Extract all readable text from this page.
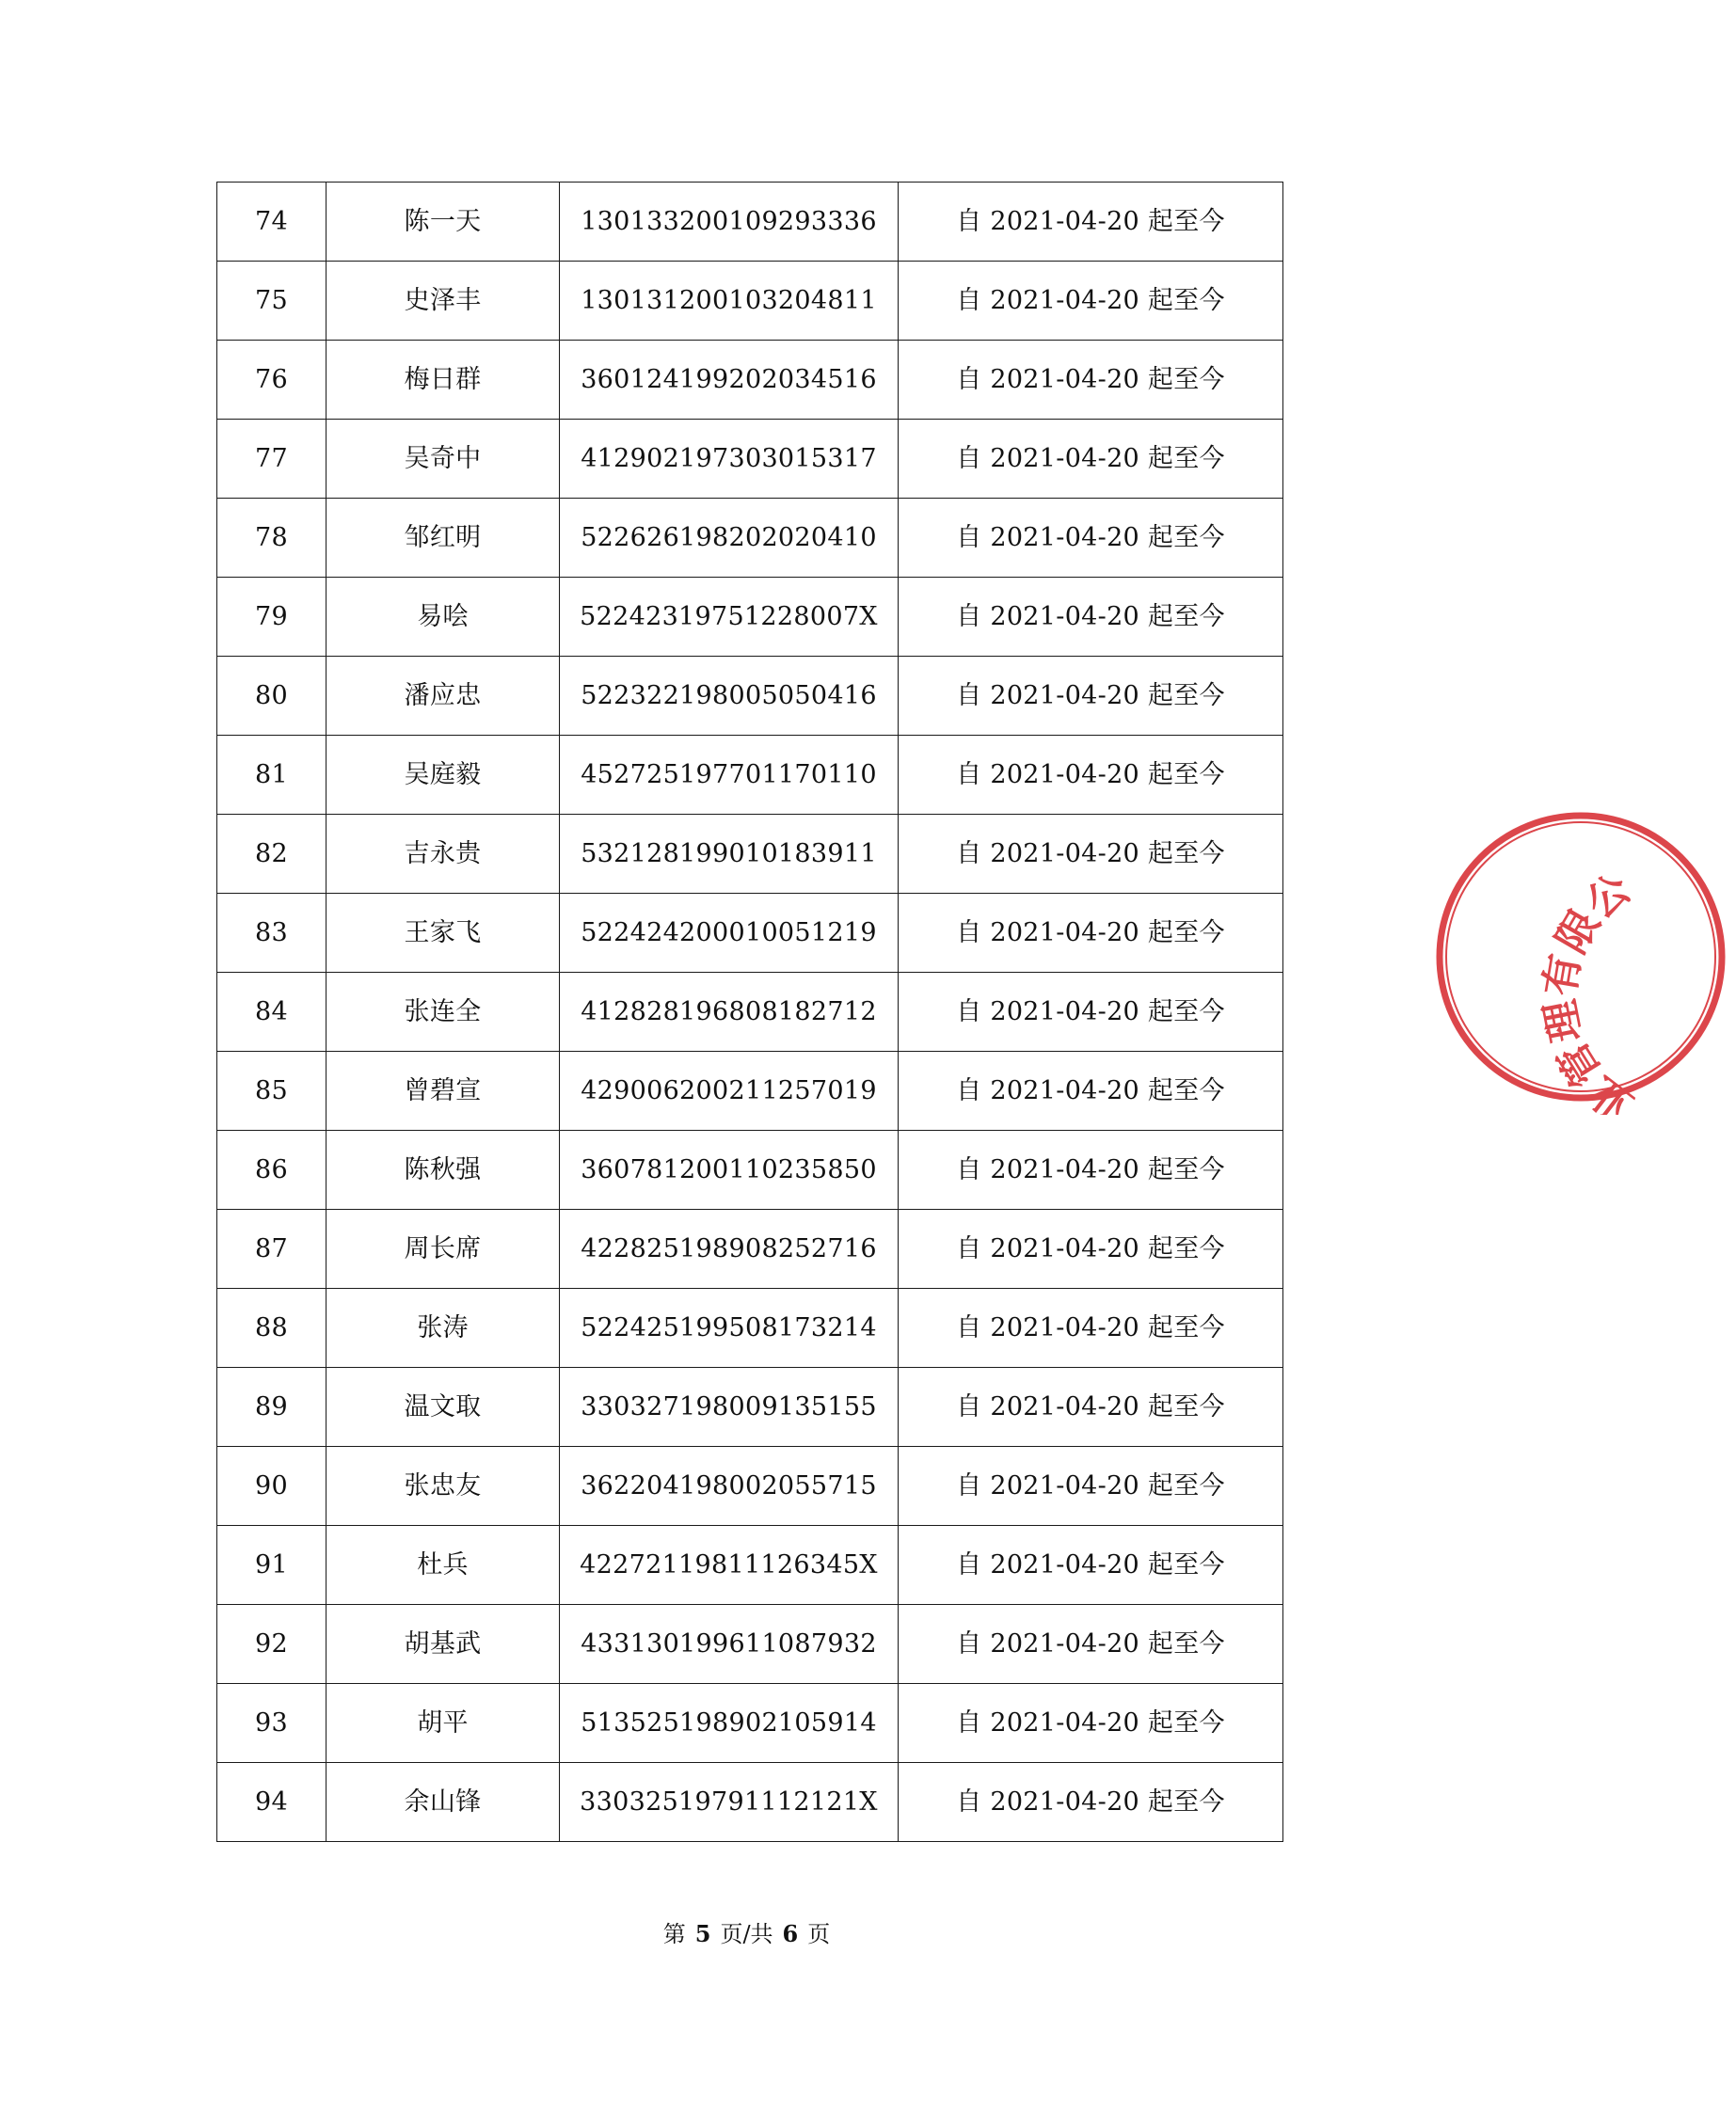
74	陈一天	130133200109293336	自 2021-04-20 起至今
75	史泽丰	130131200103204811	自 2021-04-20 起至今
76	梅日群	360124199202034516	自 2021-04-20 起至今
77	吴奇中	412902197303015317	自 2021-04-20 起至今
78	邹红明	522626198202020410	自 2021-04-20 起至今
79	易哙	52242319751228007X	自 2021-04-20 起至今
80	潘应忠	522322198005050416	自 2021-04-20 起至今
81	吴庭毅	452725197701170110	自 2021-04-20 起至今
82	吉永贵	532128199010183911	自 2021-04-20 起至今
83	王家飞	522424200010051219	自 2021-04-20 起至今
84	张连全	412828196808182712	自 2021-04-20 起至今
85	曾碧宣	429006200211257019	自 2021-04-20 起至今
86	陈秋强	360781200110235850	自 2021-04-20 起至今
87	周长席	422825198908252716	自 2021-04-20 起至今
88	张涛	522425199508173214	自 2021-04-20 起至今
89	温文取	330327198009135155	自 2021-04-20 起至今
90	张忠友	362204198002055715	自 2021-04-20 起至今
91	杜兵	42272119811126345X	自 2021-04-20 起至今
92	胡基武	433130199611087932	自 2021-04-20 起至今
93	胡平	513525198902105914	自 2021-04-20 起至今
94	余山锋	33032519791112121X	自 2021-04-20 起至今
第 5 页/共 6 页
业管理有限公
